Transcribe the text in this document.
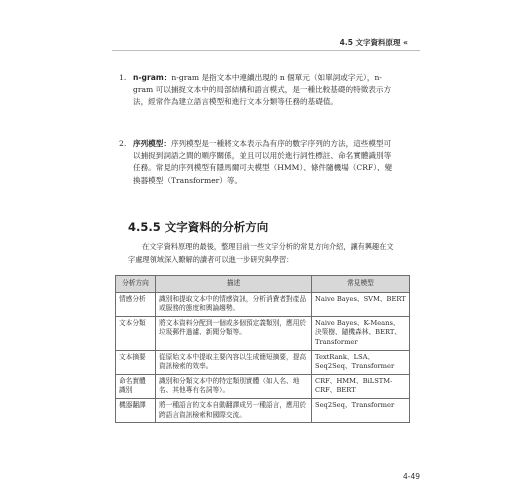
4.5 文字資料原理 «
1. n-gram：n-gram 是指文本中連續出現的 n 個單元（如單詞或字元），n-gram 可以捕捉文本中的局部結構和語言模式，是一種比較基礎的特徵表示方法，經常作為建立語言模型和進行文本分類等任務的基礎值。
2. 序列模型：序列模型是一種將文本表示為有序的數字序列的方法，這些模型可以捕捉到詞語之間的順序關係，並且可以用於進行詞性標註、命名實體識別等任務。常見的序列模型有隱馬爾可夫模型（HMM）、條件隨機場（CRF）、變換器模型（Transformer）等。
4.5.5 文字資料的分析方向
在文字資料原理的最後，整理目前一些文字分析的常見方向介紹，讓有興趣在文字處理領域深入瞭解的讀者可以進一步研究與學習：
分析方向	描述	常見模型
情感分析	識別和提取文本中的情感資訊，分析消費者對產品或服務的態度和輿論趨勢。	Naive Bayes、SVM、BERT
文本分類	將文本資料分配到一個或多個預定義類別，應用於垃圾郵件過濾、新聞分類等。	Naive Bayes、K-Means、決策樹、隨機森林、BERT、Transformer
文本摘要	從原始文本中提取主要內容以生成簡短摘要，提高資訊檢索的效率。	TextRank、LSA、Seq2Seq、Transformer
命名實體識別	識別和分類文本中的特定類別實體（如人名、地名、其他專有名詞等）。	CRF、HMM、BiLSTM-CRF、BERT
機器翻譯	將一種語言的文本自動翻譯成另一種語言，應用於跨語言資訊檢索和國際交流。	Seq2Seq、Transformer
4-49
